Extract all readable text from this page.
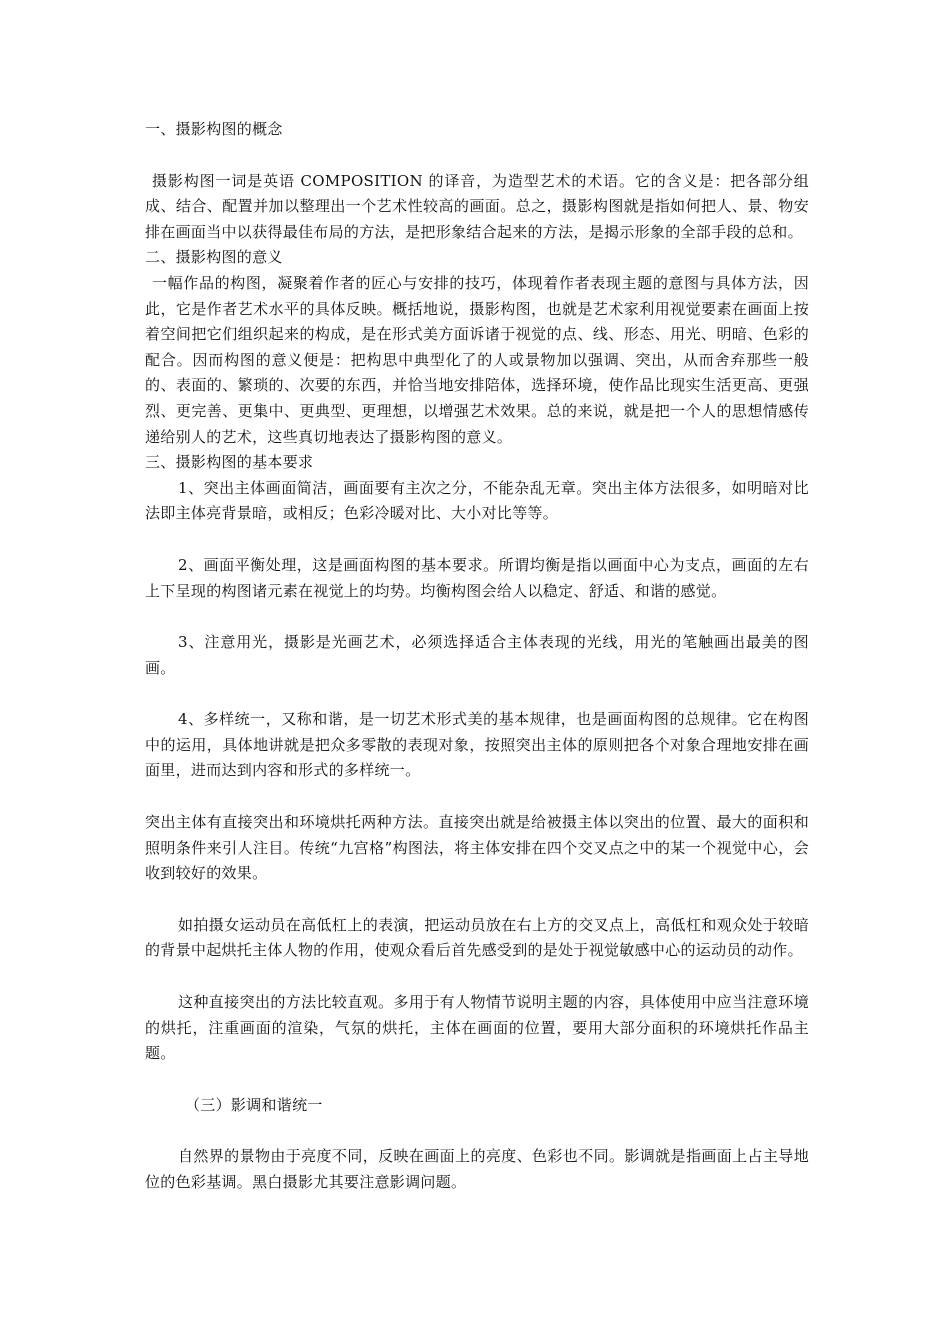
一、摄影构图的概念

摄影构图一词是英语 COMPOSITION 的译音，为造型艺术的术语。它的含义是：把各部分组成、结合、配置并加以整理出一个艺术性较高的画面。总之，摄影构图就是指如何把人、景、物安排在画面当中以获得最佳布局的方法，是把形象结合起来的方法，是揭示形象的全部手段的总和。

二、摄影构图的意义

一幅作品的构图，凝聚着作者的匠心与安排的技巧，体现着作者表现主题的意图与具体方法，因此，它是作者艺术水平的具体反映。概括地说，摄影构图，也就是艺术家利用视觉要素在画面上按着空间把它们组织起来的构成，是在形式美方面诉诸于视觉的点、线、形态、用光、明暗、色彩的配合。因而构图的意义便是：把构思中典型化了的人或景物加以强调、突出，从而舍弃那些一般的、表面的、繁琐的、次要的东西，并恰当地安排陪体，选择环境，使作品比现实生活更高、更强烈、更完善、更集中、更典型、更理想，以增强艺术效果。总的来说，就是把一个人的思想情感传递给别人的艺术，这些真切地表达了摄影构图的意义。

三、摄影构图的基本要求

1、突出主体画面简洁，画面要有主次之分，不能杂乱无章。突出主体方法很多，如明暗对比法即主体亮背景暗，或相反；色彩冷暖对比、大小对比等等。

2、画面平衡处理，这是画面构图的基本要求。所谓均衡是指以画面中心为支点，画面的左右上下呈现的构图诸元素在视觉上的均势。均衡构图会给人以稳定、舒适、和谐的感觉。

3、注意用光，摄影是光画艺术，必须选择适合主体表现的光线，用光的笔触画出最美的图画。

4、多样统一，又称和谐，是一切艺术形式美的基本规律，也是画面构图的总规律。它在构图中的运用，具体地讲就是把众多零散的表现对象，按照突出主体的原则把各个对象合理地安排在画面里，进而达到内容和形式的多样统一。

突出主体有直接突出和环境烘托两种方法。直接突出就是给被摄主体以突出的位置、最大的面积和照明条件来引人注目。传统“九宫格”构图法，将主体安排在四个交叉点之中的某一个视觉中心，会收到较好的效果。

如拍摄女运动员在高低杠上的表演，把运动员放在右上方的交叉点上，高低杠和观众处于较暗的背景中起烘托主体人物的作用，使观众看后首先感受到的是处于视觉敏感中心的运动员的动作。

这种直接突出的方法比较直观。多用于有人物情节说明主题的内容，具体使用中应当注意环境的烘托，注重画面的渲染，气氛的烘托，主体在画面的位置，要用大部分面积的环境烘托作品主题。

（三）影调和谐统一

自然界的景物由于亮度不同，反映在画面上的亮度、色彩也不同。影调就是指画面上占主导地位的色彩基调。黑白摄影尤其要注意影调问题。
